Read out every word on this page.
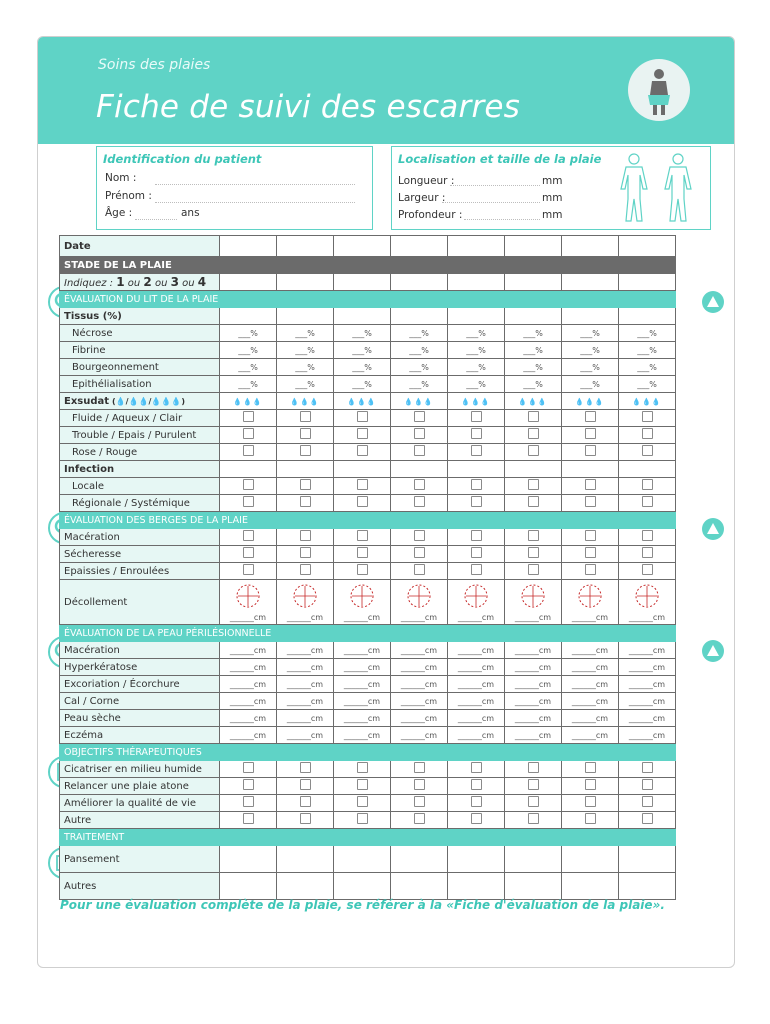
Soins des plaies
Fiche de suivi des escarres
Identification du patient
Nom :
Prénom :
Âge :	ans
Localisation et taille de la plaie
Longueur :	mm
Largeur :	mm
Profondeur :	mm
Date								
STADE DE LA PLAIE								
Indiquez : 1 ou 2 ou 3 ou 4								
ÉVALUATION DU LIT DE LA PLAIE								
Tissus (%)								
Nécrose	___%	___%	___%	___%	___%	___%	___%	___%
Fibrine	___%	___%	___%	___%	___%	___%	___%	___%
Bourgeonnement	___%	___%	___%	___%	___%	___%	___%	___%
Epithélialisation	___%	___%	___%	___%	___%	___%	___%	___%
Exsudat (💧/💧💧/💧💧💧)	💧💧💧	💧💧💧	💧💧💧	💧💧💧	💧💧💧	💧💧💧	💧💧💧	💧💧💧
Fluide / Aqueux / Clair								
Trouble / Epais / Purulent								
Rose / Rouge								
Infection								
Locale								
Régionale / Systémique								
ÉVALUATION DES BERGES DE LA PLAIE								
Macération								
Sécheresse								
Epaissies / Enroulées								
Décollement	______cm	______cm	______cm	______cm	______cm	______cm	______cm	______cm

ÉVALUATION DE LA PEAU PÉRILÉSIONNELLE								
Macération	______cm	______cm	______cm	______cm	______cm	______cm	______cm	______cm
Hyperkératose	______cm	______cm	______cm	______cm	______cm	______cm	______cm	______cm
Excoriation / Écorchure	______cm	______cm	______cm	______cm	______cm	______cm	______cm	______cm
Cal / Corne	______cm	______cm	______cm	______cm	______cm	______cm	______cm	______cm
Peau sèche	______cm	______cm	______cm	______cm	______cm	______cm	______cm	______cm
Eczéma	______cm	______cm	______cm	______cm	______cm	______cm	______cm	______cm
OBJECTIFS THÉRAPEUTIQUES								
Cicatriser en milieu humide								
Relancer une plaie atone								
Améliorer la qualité de vie								
Autre								
TRAITEMENT								
Pansement								
Autres								
Pour une évaluation complète de la plaie, se référer à la «Fiche d'évaluation de la plaie».
